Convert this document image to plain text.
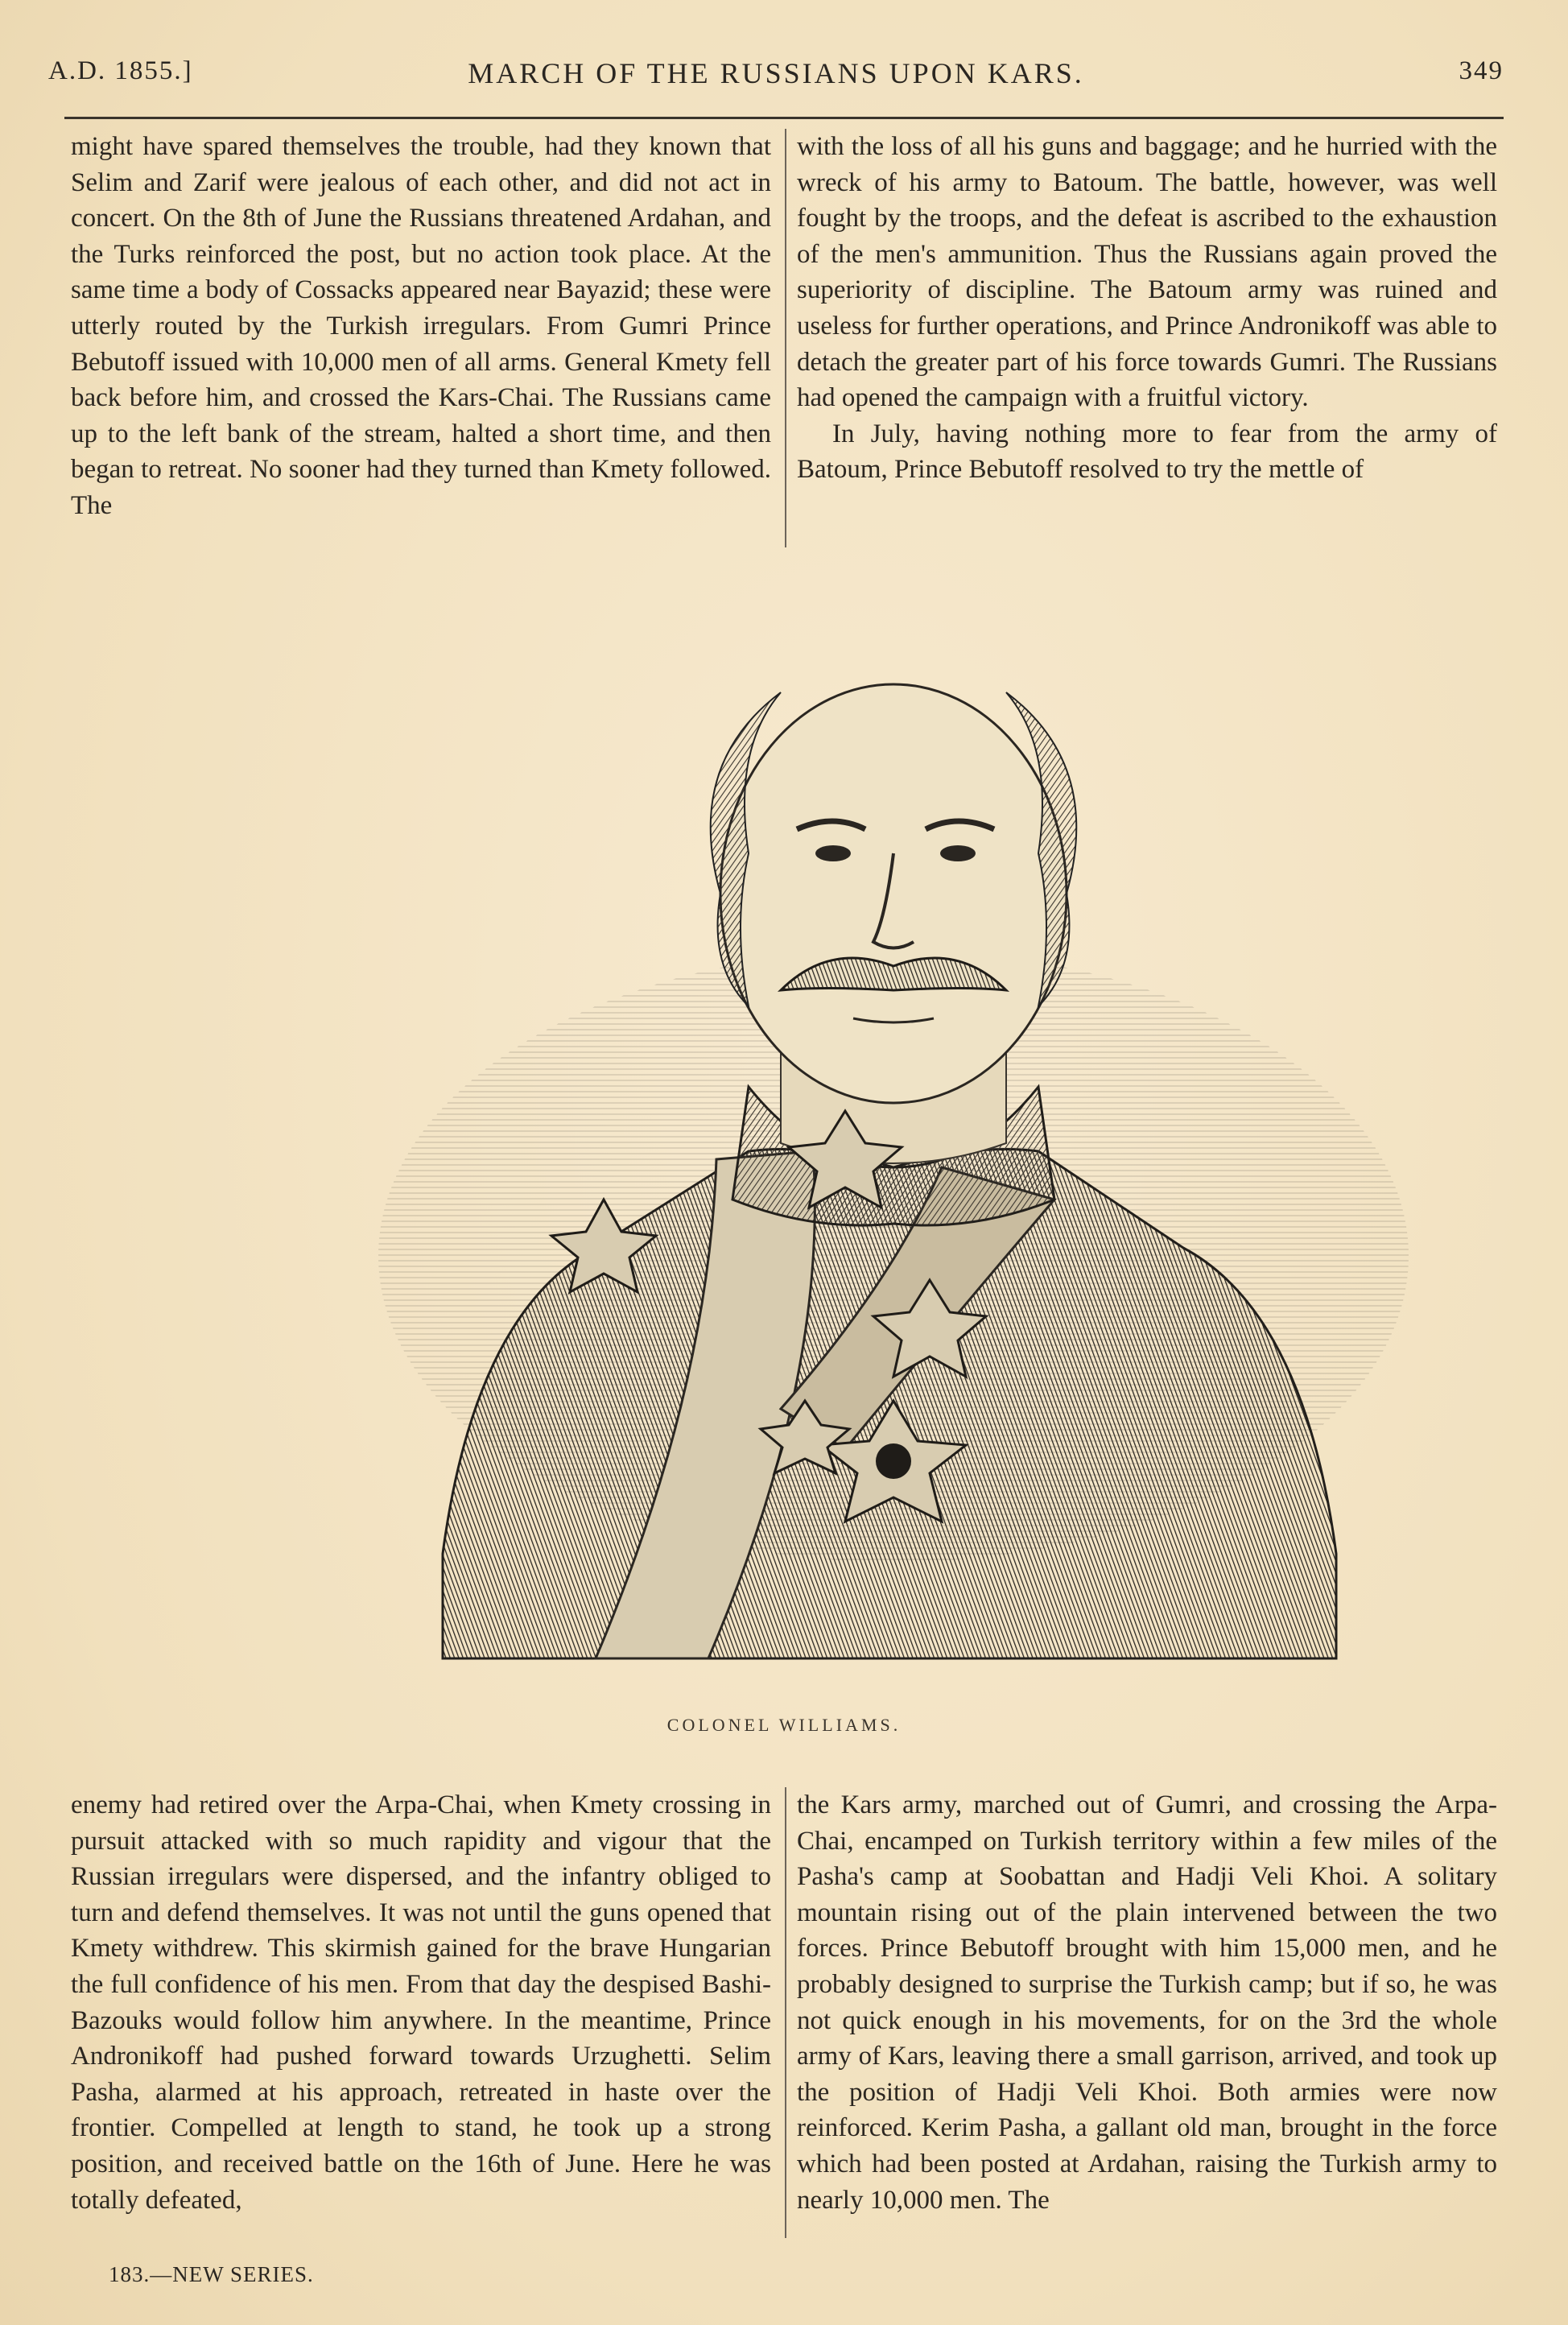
A.D. 1855.]	MARCH OF THE RUSSIANS UPON KARS.	349

might have spared themselves the trouble, had they known that Selim and Zarif were jealous of each other, and did not act in concert. On the 8th of June the Russians threatened Ardahan, and the Turks reinforced the post, but no action took place. At the same time a body of Cossacks appeared near Bayazid; these were utterly routed by the Turkish irregulars. From Gumri Prince Bebutoff issued with 10,000 men of all arms. General Kmety fell back before him, and crossed the Kars-Chai. The Russians came up to the left bank of the stream, halted a short time, and then began to retreat. No sooner had they turned than Kmety followed. The

with the loss of all his guns and baggage; and he hurried with the wreck of his army to Batoum. The battle, however, was well fought by the troops, and the defeat is ascribed to the exhaustion of the men's ammunition. Thus the Russians again proved the superiority of discipline. The Batoum army was ruined and useless for further operations, and Prince Andronikoff was able to detach the greater part of his force towards Gumri. The Russians had opened the campaign with a fruitful victory.

In July, having nothing more to fear from the army of Batoum, Prince Bebutoff resolved to try the mettle of

COLONEL WILLIAMS.

enemy had retired over the Arpa-Chai, when Kmety crossing in pursuit attacked with so much rapidity and vigour that the Russian irregulars were dispersed, and the infantry obliged to turn and defend themselves. It was not until the guns opened that Kmety withdrew. This skirmish gained for the brave Hungarian the full confidence of his men. From that day the despised Bashi-Bazouks would follow him anywhere. In the meantime, Prince Andronikoff had pushed forward towards Urzughetti. Selim Pasha, alarmed at his approach, retreated in haste over the frontier. Compelled at length to stand, he took up a strong position, and received battle on the 16th of June. Here he was totally defeated,

the Kars army, marched out of Gumri, and crossing the Arpa-Chai, encamped on Turkish territory within a few miles of the Pasha's camp at Soobattan and Hadji Veli Khoi. A solitary mountain rising out of the plain intervened between the two forces. Prince Bebutoff brought with him 15,000 men, and he probably designed to surprise the Turkish camp; but if so, he was not quick enough in his movements, for on the 3rd the whole army of Kars, leaving there a small garrison, arrived, and took up the position of Hadji Veli Khoi. Both armies were now reinforced. Kerim Pasha, a gallant old man, brought in the force which had been posted at Ardahan, raising the Turkish army to nearly 10,000 men. The

183.—NEW SERIES.
